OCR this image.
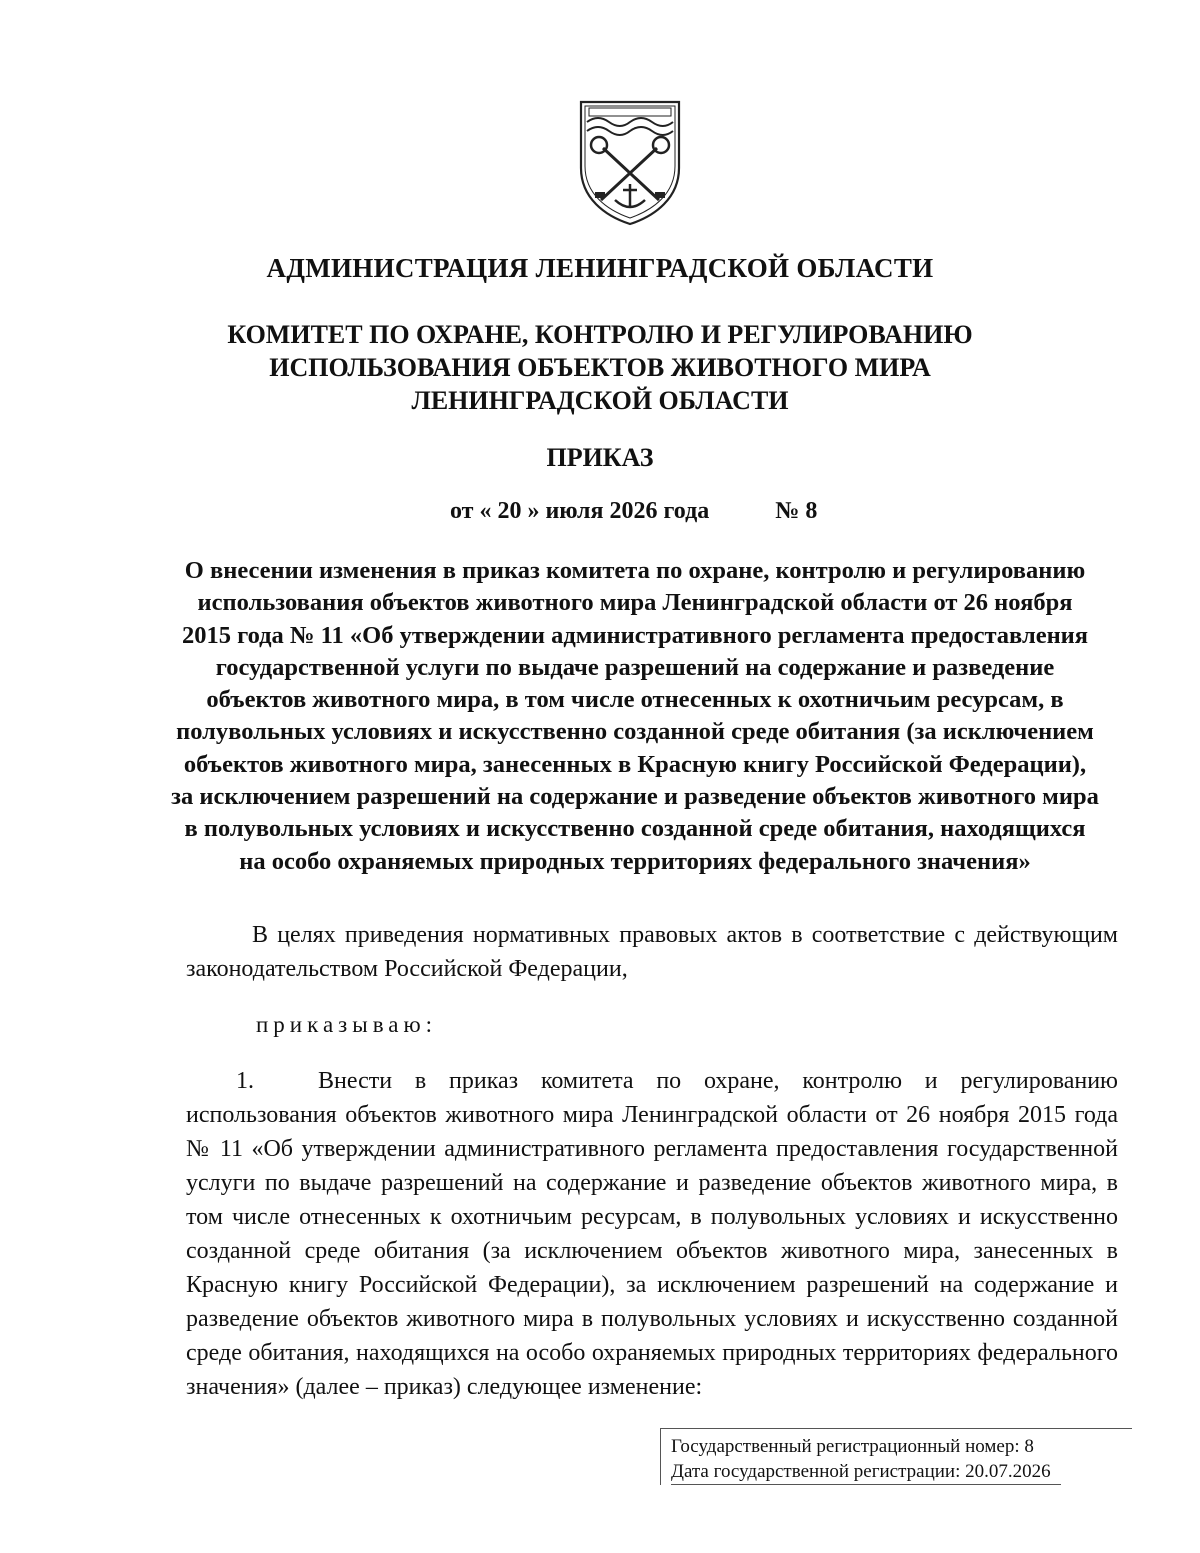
АДМИНИСТРАЦИЯ ЛЕНИНГРАДСКОЙ ОБЛАСТИ
КОМИТЕТ ПО ОХРАНЕ, КОНТРОЛЮ И РЕГУЛИРОВАНИЮ
ИСПОЛЬЗОВАНИЯ ОБЪЕКТОВ ЖИВОТНОГО МИРА
ЛЕНИНГРАДСКОЙ ОБЛАСТИ
ПРИКАЗ
от « 20 » июля 2026 года	№ 8

О внесении изменения в приказ комитета по охране, контролю и регулированию использования объектов животного мира Ленинградской области от 26 ноября 2015 года № 11 «Об утверждении административного регламента предоставления государственной услуги по выдаче разрешений на содержание и разведение объектов животного мира, в том числе отнесенных к охотничьим ресурсам, в полувольных условиях и искусственно созданной среде обитания (за исключением объектов животного мира, занесенных в Красную книгу Российской Федерации), за исключением разрешений на содержание и разведение объектов животного мира в полувольных условиях и искусственно созданной среде обитания, находящихся на особо охраняемых природных территориях федерального значения»

В целях приведения нормативных правовых актов в соответствие с действующим законодательством Российской Федерации,

приказываю:

1.	Внести в приказ комитета по охране, контролю и регулированию использования объектов животного мира Ленинградской области от 26 ноября 2015 года № 11 «Об утверждении административного регламента предоставления государственной услуги по выдаче разрешений на содержание и разведение объектов животного мира, в том числе отнесенных к охотничьим ресурсам, в полувольных условиях и искусственно созданной среде обитания (за исключением объектов животного мира, занесенных в Красную книгу Российской Федерации), за исключением разрешений на содержание и разведение объектов животного мира в полувольных условиях и искусственно созданной среде обитания, находящихся на особо охраняемых природных территориях федерального значения» (далее – приказ) следующее изменение:

Государственный регистрационный номер: 8
Дата государственной регистрации: 20.07.2026
